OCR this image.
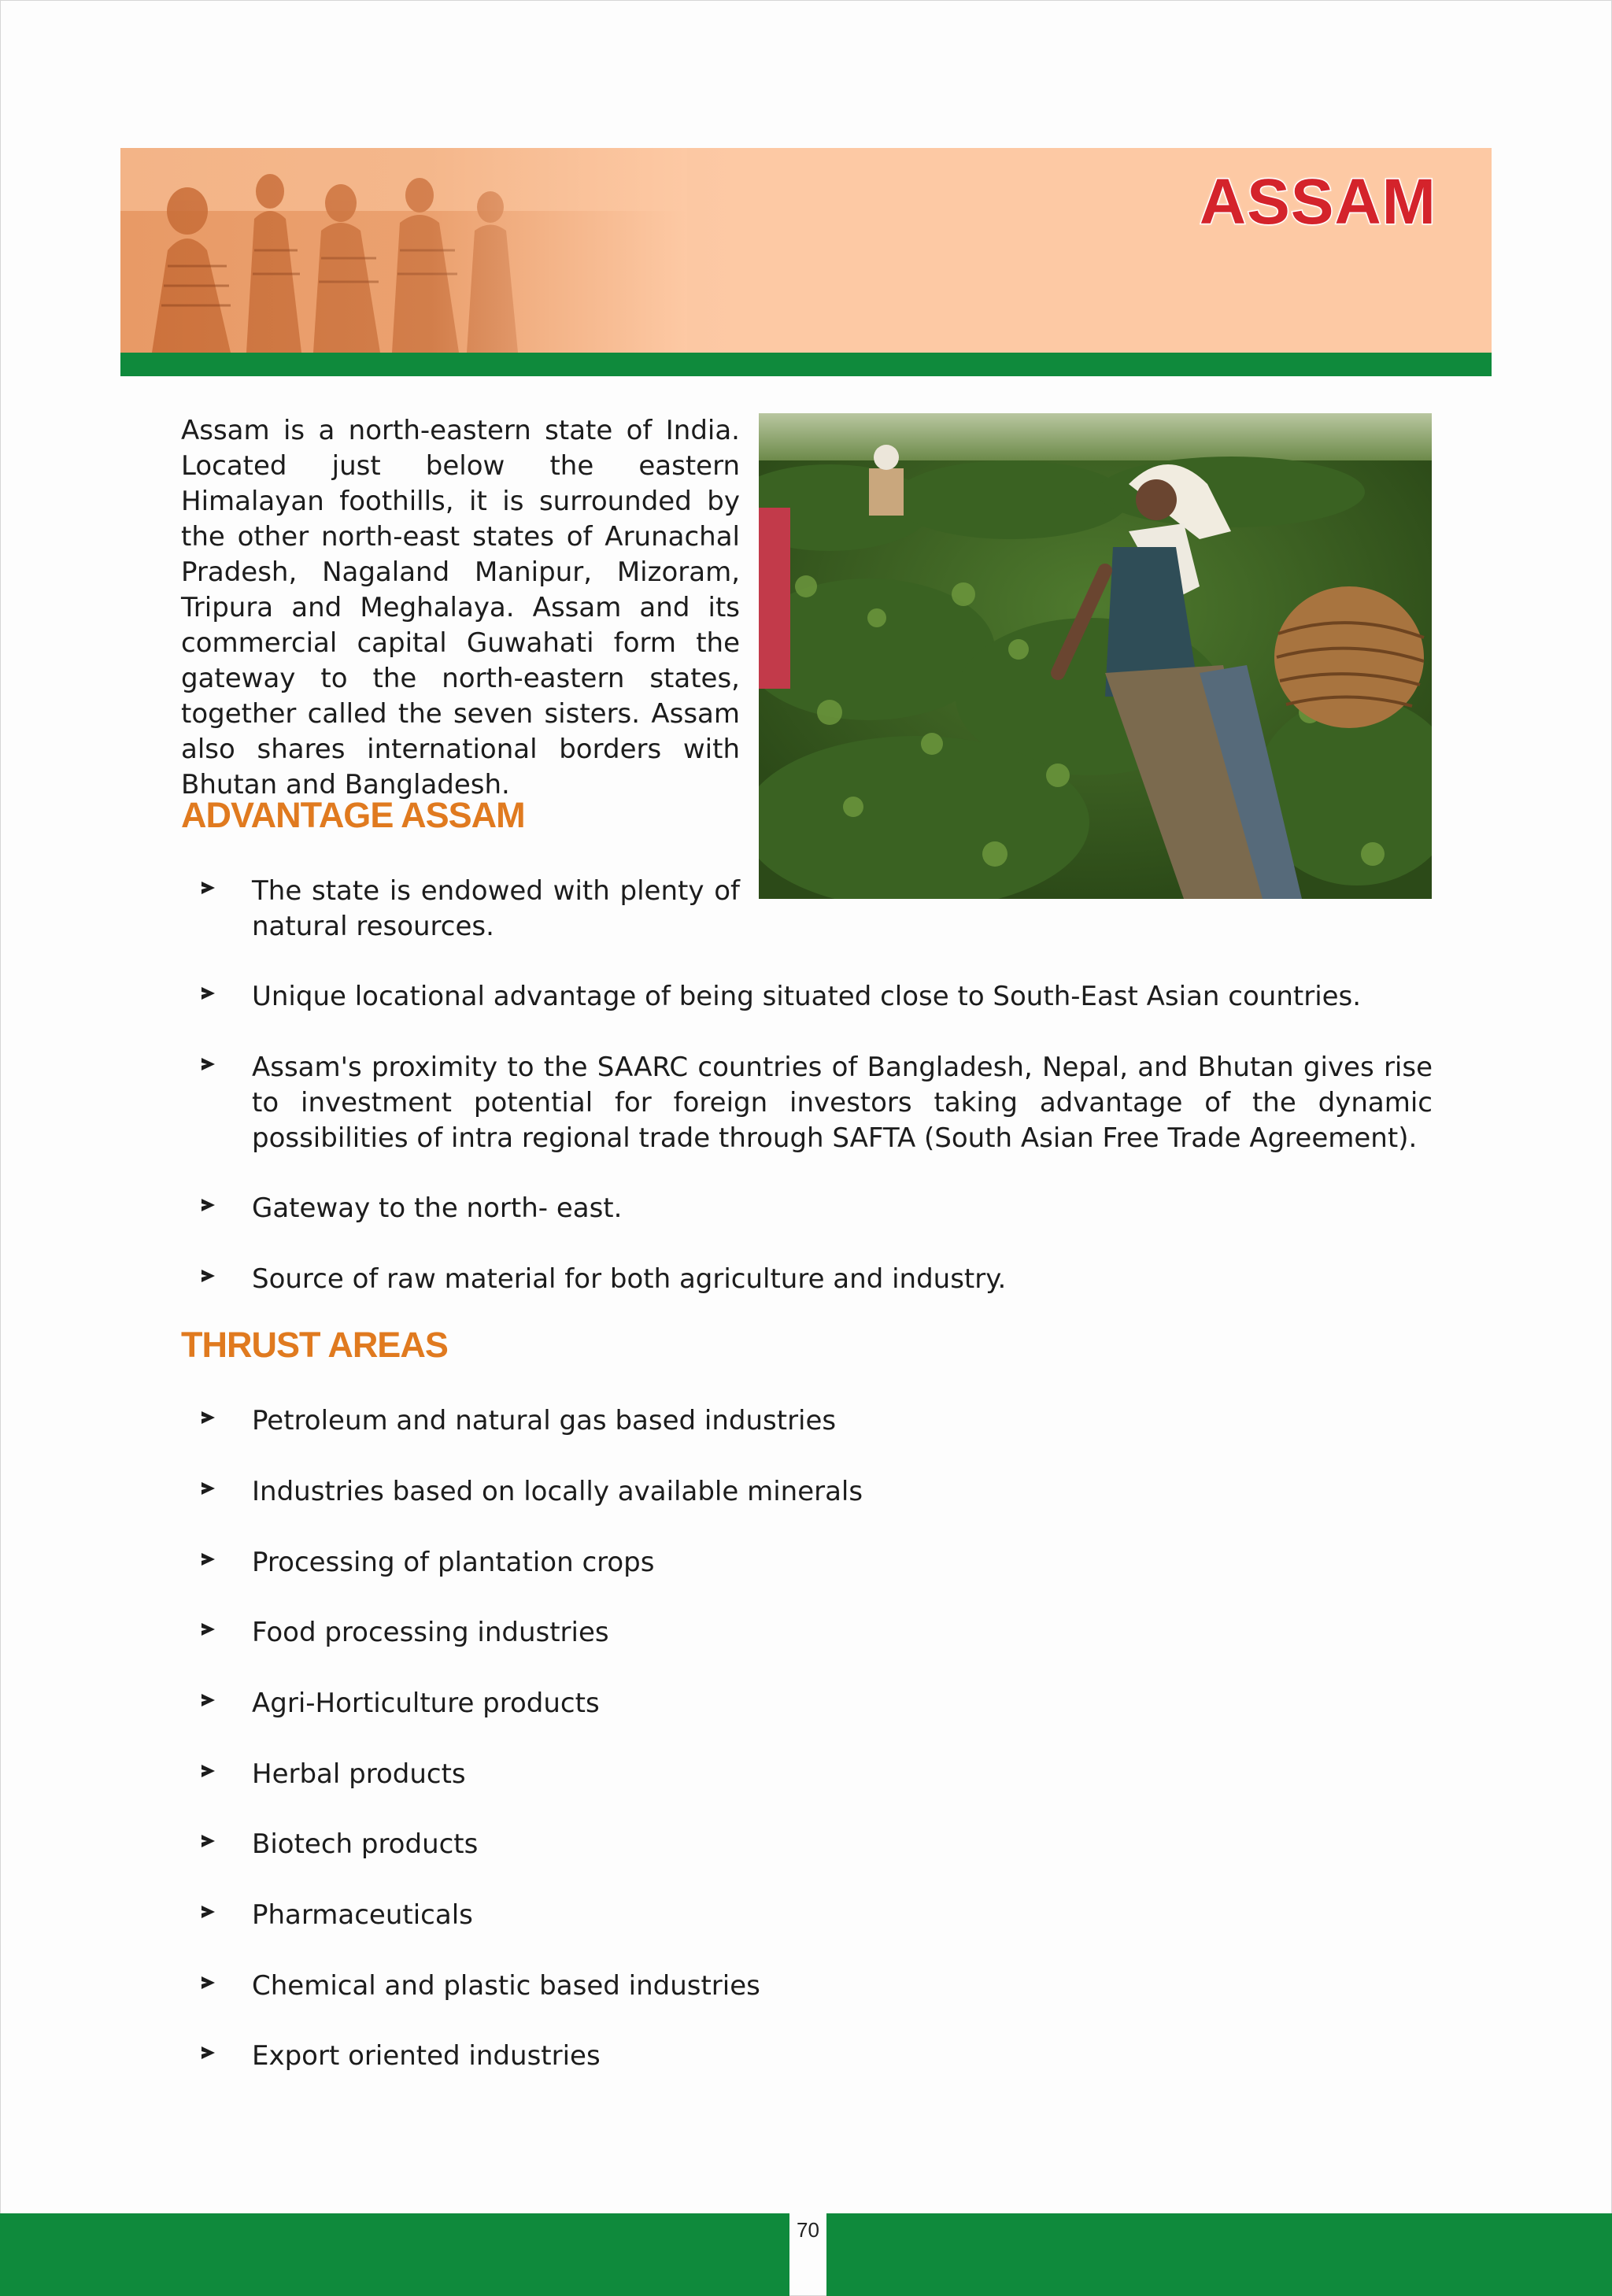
ASSAM

Assam is a north-eastern state of India. Located just below the eastern Himalayan foothills, it is surrounded by the other north-east states of Arunachal Pradesh, Nagaland Manipur, Mizoram, Tripura and Meghalaya. Assam and its commercial capital Guwahati form the gateway to the north-eastern states, together called the seven sisters. Assam also shares international borders with Bhutan and Bangladesh.

ADVANTAGE ASSAM
The state is endowed with plenty of natural resources.
Unique locational advantage of being situated close to South-East Asian countries.
Assam's proximity to the SAARC countries of Bangladesh, Nepal, and Bhutan gives rise to investment potential for foreign investors taking advantage of the dynamic possibilities of intra regional trade through SAFTA (South Asian Free Trade Agreement).
Gateway to the north- east.
Source of raw material for both agriculture and industry.
THRUST AREAS
Petroleum and natural gas based industries
Industries based on locally available minerals
Processing of plantation crops
Food processing industries
Agri-Horticulture products
Herbal products
Biotech products
Pharmaceuticals
Chemical and plastic based industries
Export oriented industries
70
